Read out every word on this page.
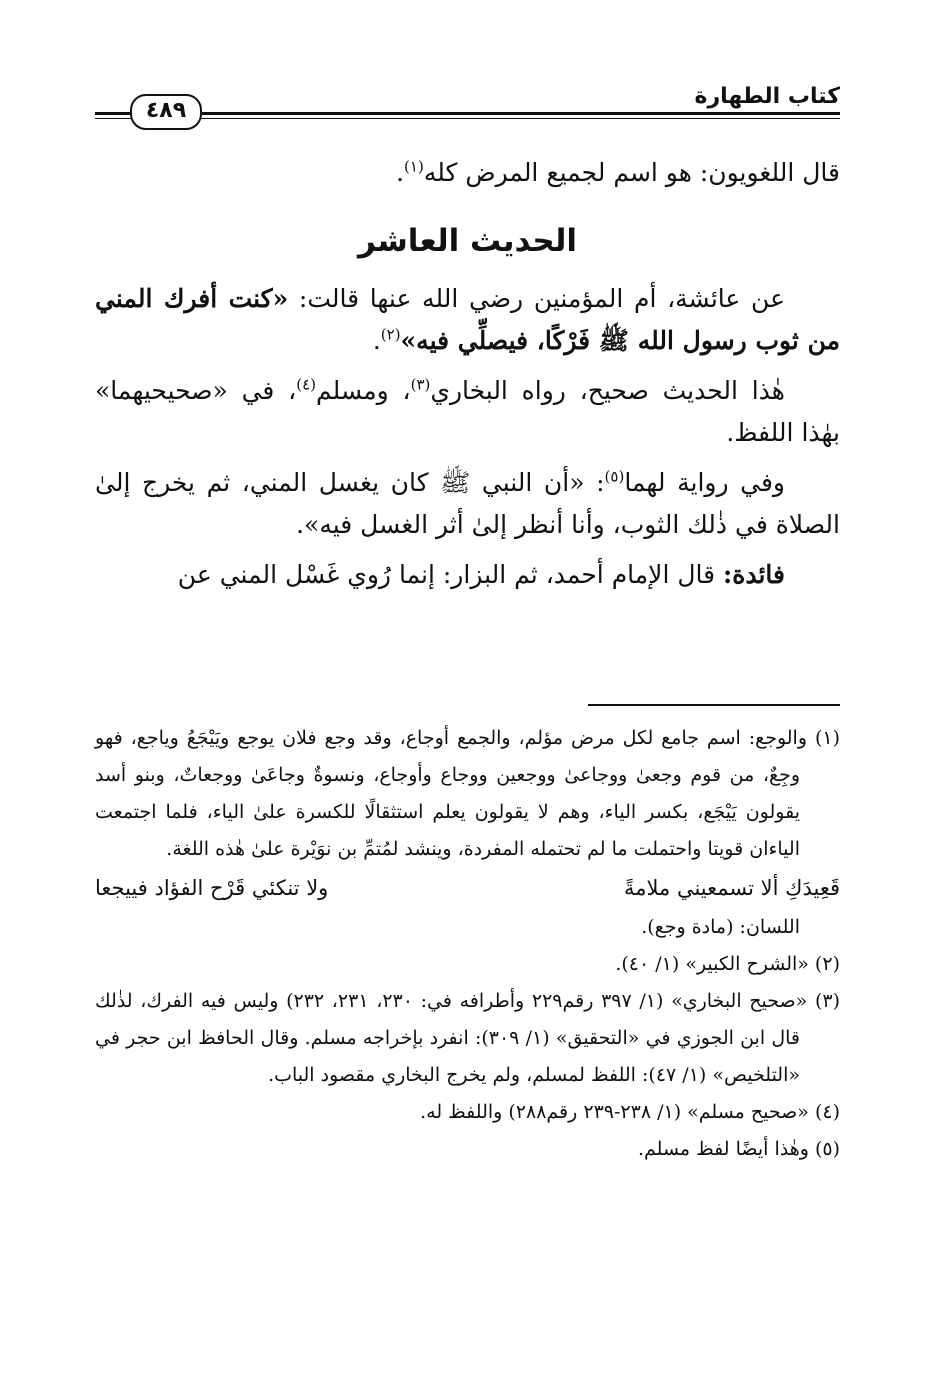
كتاب الطهارة
٤٨٩

قال اللغويون: هو اسم لجميع المرض كله$^{(١)}$.

الحديث العاشر

عن عائشة، أم المؤمنين رضي الله عنها قالت: «كنت أفرك المني من ثوب رسول الله ﷺ فَرْكًا، فيصلِّي فيه»$^{(٢)}$.

هٰذا الحديث صحيح، رواه البخاري$^{(٣)}$، ومسلم$^{(٤)}$، في «صحيحيهما» بهٰذا اللفظ.

وفي رواية لهما$^{(٥)}$: «أن النبي ﷺ كان يغسل المني، ثم يخرج إلىٰ الصلاة في ذٰلك الثوب، وأنا أنظر إلىٰ أثر الغسل فيه».

فائدة: قال الإمام أحمد، ثم البزار: إنما رُوي غَسْل المني عن

(١) والوجع: اسم جامع لكل مرض مؤلم، والجمع أوجاع، وقد وجع فلان يوجع ويَيْجَعُ وياجع، فهو وجِعٌ، من قوم وجعىٰ ووجاعىٰ ووجعين ووجاع وأوجاع، ونسوةٌ وجاعَىٰ ووجعاتٌ، وبنو أسد يقولون يَيْجَع، بكسر الياء، وهم لا يقولون يعلم استثقالًا للكسرة علىٰ الياء، فلما اجتمعت الياءان قويتا واحتملت ما لم تحتمله المفردة، وينشد لمُتمِّ بن نوَيْرة علىٰ هٰذه اللغة.

قَعِيدَكِ ألا تسمعيني ملامةً
ولا تنكئي قَرْح الفؤاد فييجعا

اللسان: (مادة وجع).

(٢) «الشرح الكبير» (١/ ٤٠).

(٣) «صحيح البخاري» (١/ ٣٩٧ رقم٢٢٩ وأطرافه في: ٢٣٠، ٢٣١، ٢٣٢) وليس فيه الفرك، لذٰلك قال ابن الجوزي في «التحقيق» (١/ ٣٠٩): انفرد بإخراجه مسلم. وقال الحافظ ابن حجر في «التلخيص» (١/ ٤٧): اللفظ لمسلم، ولم يخرج البخاري مقصود الباب.

(٤) «صحيح مسلم» (١/ ٢٣٨-٢٣٩ رقم٢٨٨) واللفظ له.

(٥) وهٰذا أيضًا لفظ مسلم.
